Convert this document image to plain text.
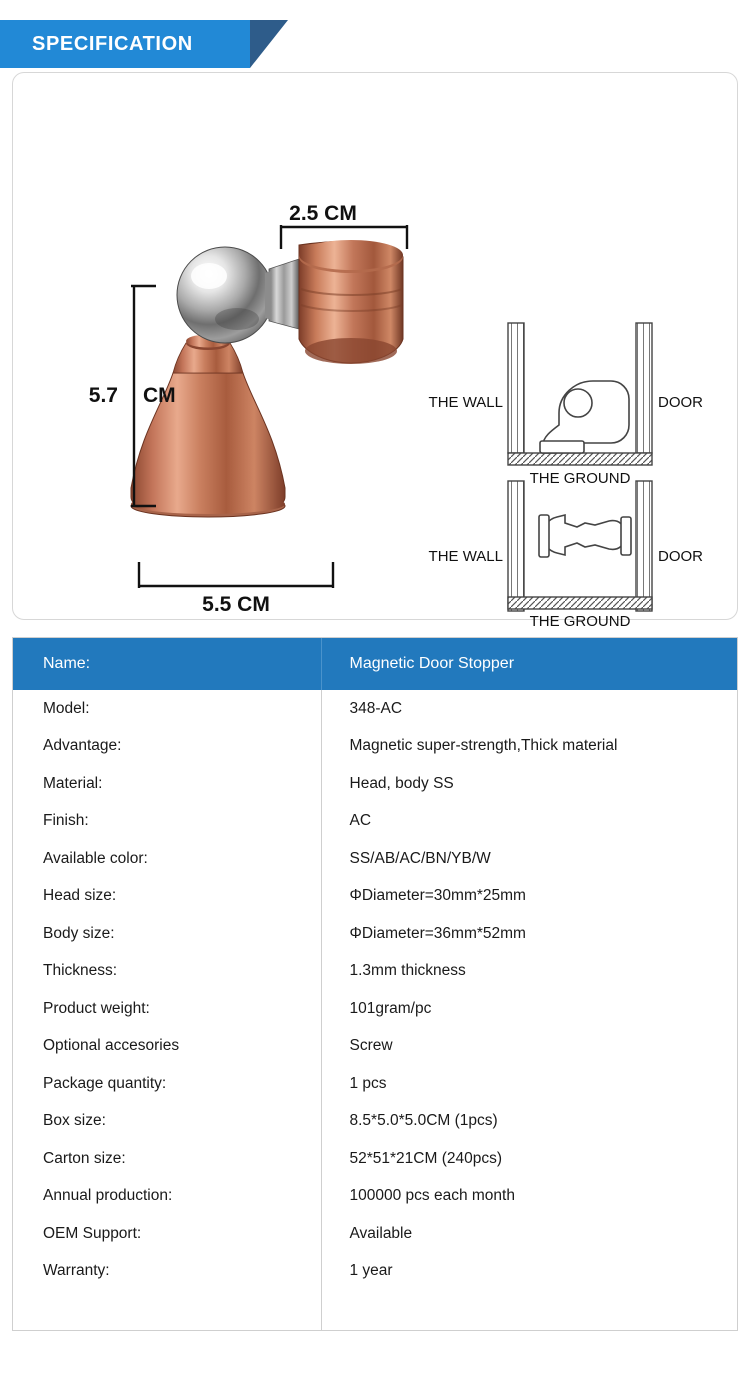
SPECIFICATION
2.5 CM
5.7 CM
5.5 CM
THE WALL	DOOR
THE GROUND
THE WALL	DOOR
THE GROUND
Name:	Magnetic Door Stopper
Model:	348-AC
Advantage:	Magnetic super-strength,Thick material
Material:	Head, body SS
Finish:	AC
Available color:	SS/AB/AC/BN/YB/W
Head size:	ΦDiameter=30mm*25mm
Body size:	ΦDiameter=36mm*52mm
Thickness:	1.3mm thickness
Product weight:	101gram/pc
Optional accesories	Screw
Package quantity:	1 pcs
Box size:	8.5*5.0*5.0CM (1pcs)
Carton size:	52*51*21CM (240pcs)
Annual production:	100000 pcs each month
OEM Support:	Available
Warranty:	1 year
